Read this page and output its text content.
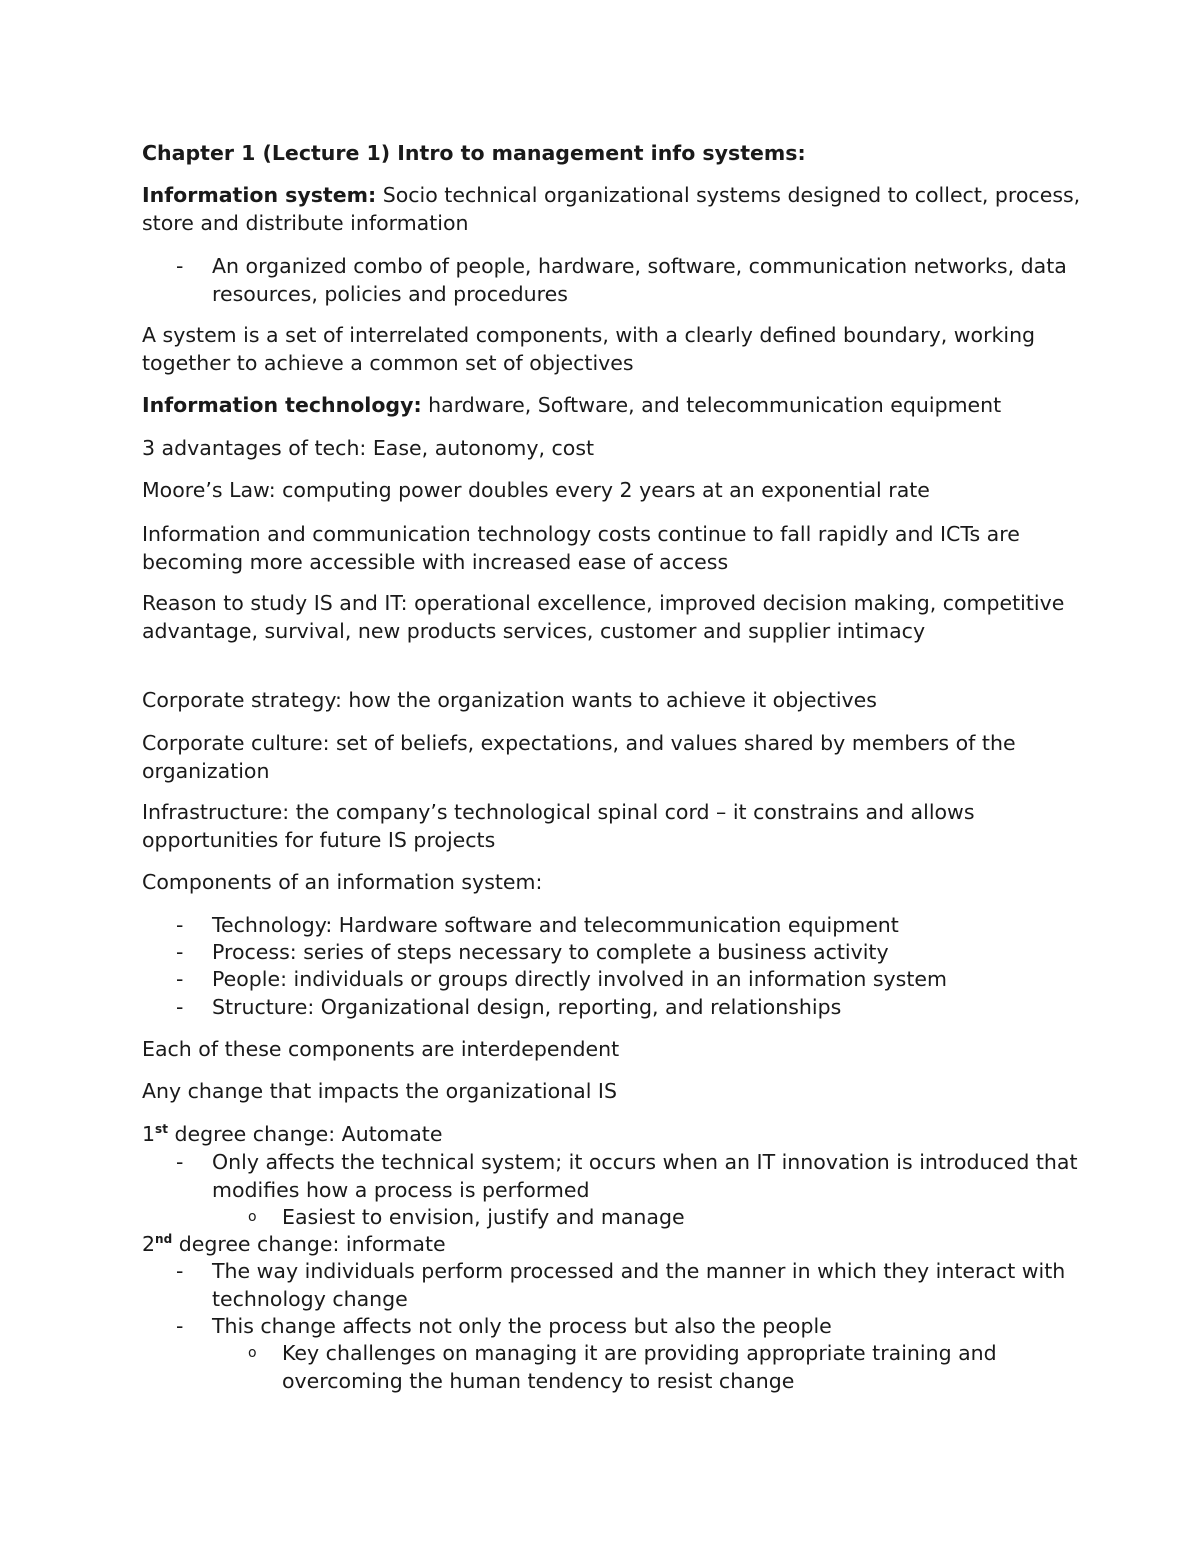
Chapter 1 (Lecture 1) Intro to management info systems:

Information system: Socio technical organizational systems designed to collect, process, store and distribute information

-	An organized combo of people, hardware, software, communication networks, data resources, policies and procedures

A system is a set of interrelated components, with a clearly defined boundary, working together to achieve a common set of objectives

Information technology: hardware, Software, and telecommunication equipment

3 advantages of tech: Ease, autonomy, cost

Moore’s Law: computing power doubles every 2 years at an exponential rate

Information and communication technology costs continue to fall rapidly and ICTs are becoming more accessible with increased ease of access

Reason to study IS and IT: operational excellence, improved decision making, competitive advantage, survival, new products services, customer and supplier intimacy

Corporate strategy: how the organization wants to achieve it objectives

Corporate culture: set of beliefs, expectations, and values shared by members of the organization

Infrastructure: the company’s technological spinal cord – it constrains and allows opportunities for future IS projects

Components of an information system:

-	Technology: Hardware software and telecommunication equipment

-	Process: series of steps necessary to complete a business activity

-	People: individuals or groups directly involved in an information system

-	Structure: Organizational design, reporting, and relationships

Each of these components are interdependent

Any change that impacts the organizational IS

1st degree change: Automate

-	Only affects the technical system; it occurs when an IT innovation is introduced that modifies how a process is performed

o	Easiest to envision, justify and manage

2nd degree change: informate

-	The way individuals perform processed and the manner in which they interact with technology change

-	This change affects not only the process but also the people

o	Key challenges on managing it are providing appropriate training and overcoming the human tendency to resist change
